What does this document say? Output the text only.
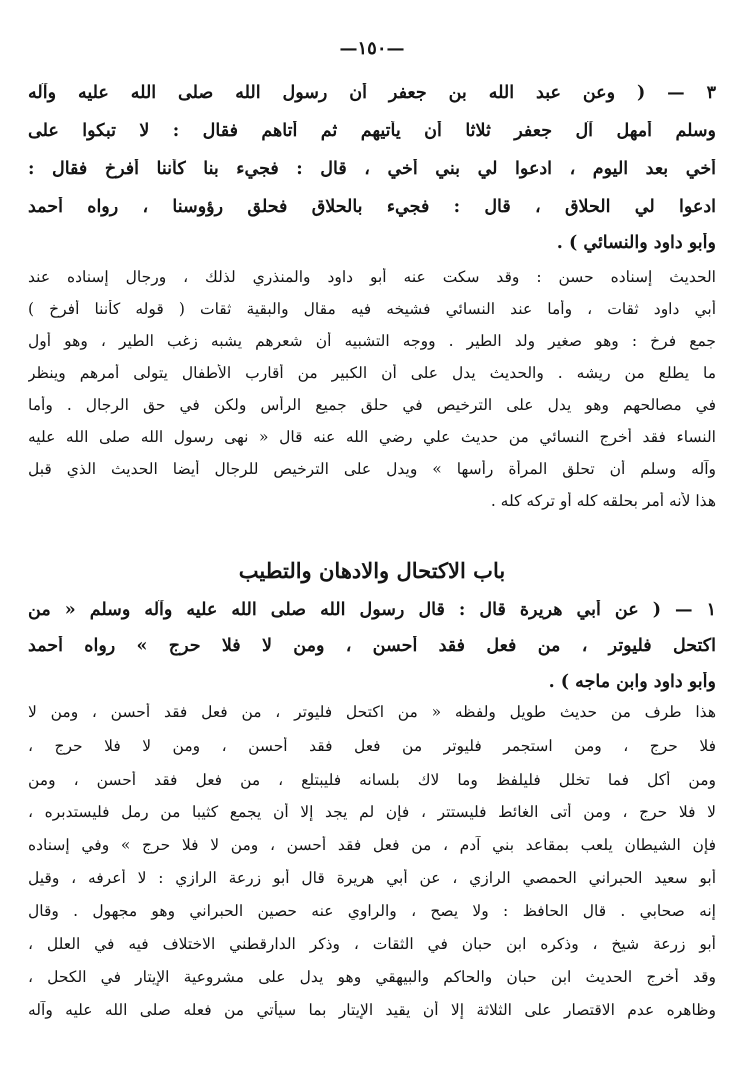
—١٥٠—
٣ — ( وعن عبد الله بن جعفر أن رسول الله صلى الله عليه وآله
وسلم أمهل آل جعفر ثلاثا أن يأتيهم ثم أتاهم فقال : لا تبكوا على
أخي بعد اليوم ، ادعوا لي بني أخي ، قال : فجيء بنا كأننا أفرخ فقال :
ادعوا لي الحلاق ، قال : فجيء بالحلاق فحلق رؤوسنا ، رواه أحمد
وأبو داود والنسائي ) .
الحديث إسناده حسن : وقد سكت عنه أبو داود والمنذري لذلك ، ورجال إسناده عند
أبي داود ثقات ، وأما عند النسائي فشيخه فيه مقال والبقية ثقات ( قوله كأننا أفرخ )
جمع فرخ : وهو صغير ولد الطير . ووجه التشبيه أن شعرهم يشبه زغب الطير ، وهو أول
ما يطلع من ريشه . والحديث يدل على أن الكبير من أقارب الأطفال يتولى أمرهم وينظر
في مصالحهم وهو يدل على الترخيص في حلق جميع الرأس ولكن في حق الرجال . وأما
النساء فقد أخرج النسائي من حديث علي رضي الله عنه قال « نهى رسول الله صلى الله عليه
وآله وسلم أن تحلق المرأة رأسها » ويدل على الترخيص للرجال أيضا الحديث الذي قبل
هذا لأنه أمر بحلقه كله أو تركه كله .
باب الاكتحال والادهان والتطيب
١ — ( عن أبي هريرة قال : قال رسول الله صلى الله عليه وآله وسلم « من
اكتحل فليوتر ، من فعل فقد أحسن ، ومن لا فلا حرج » رواه أحمد
وأبو داود وابن ماجه ) .
هذا طرف من حديث طويل ولفظه « من اكتحل فليوتر ، من فعل فقد أحسن ، ومن لا
فلا حرج ، ومن استجمر فليوتر من فعل فقد أحسن ، ومن لا فلا حرج ،
ومن أكل فما تخلل فليلفظ وما لاك بلسانه فليبتلع ، من فعل فقد أحسن ، ومن
لا فلا حرج ، ومن أتى الغائط فليستتر ، فإن لم يجد إلا أن يجمع كثيبا من رمل فليستدبره ،
فإن الشيطان يلعب بمقاعد بني آدم ، من فعل فقد أحسن ، ومن لا فلا حرج » وفي إسناده
أبو سعيد الحبراني الحمصي الرازي ، عن أبي هريرة قال أبو زرعة الرازي : لا أعرفه ، وقيل
إنه صحابي . قال الحافظ : ولا يصح ، والراوي عنه حصين الحبراني وهو مجهول . وقال
أبو زرعة شيخ ، وذكره ابن حبان في الثقات ، وذكر الدارقطني الاختلاف فيه في العلل ،
وقد أخرج الحديث ابن حبان والحاكم والبيهقي وهو يدل على مشروعية الإيتار في الكحل ،
وظاهره عدم الاقتصار على الثلاثة إلا أن يقيد الإيتار بما سيأتي من فعله صلى الله عليه وآله
